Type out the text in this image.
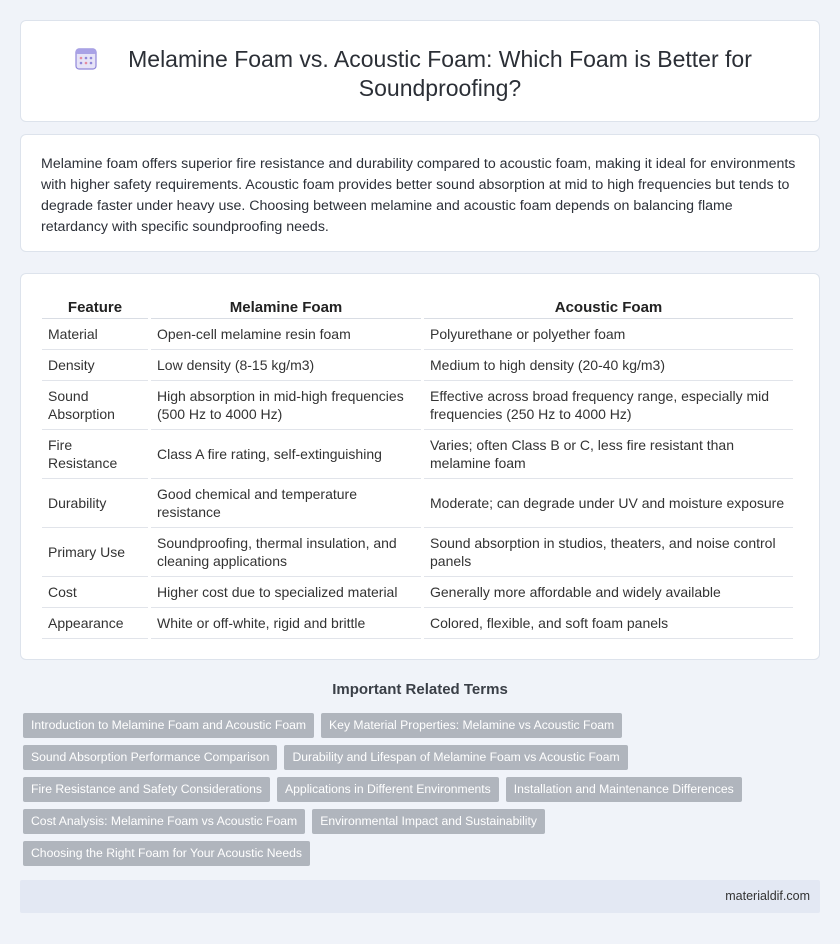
Melamine Foam vs. Acoustic Foam: Which Foam is Better for Soundproofing?

Melamine foam offers superior fire resistance and durability compared to acoustic foam, making it ideal for environments with higher safety requirements. Acoustic foam provides better sound absorption at mid to high frequencies but tends to degrade faster under heavy use. Choosing between melamine and acoustic foam depends on balancing flame retardancy with specific soundproofing needs.

Feature	Melamine Foam	Acoustic Foam
Material	Open-cell melamine resin foam	Polyurethane or polyether foam
Density	Low density (8-15 kg/m3)	Medium to high density (20-40 kg/m3)
Sound Absorption	High absorption in mid-high frequencies (500 Hz to 4000 Hz)	Effective across broad frequency range, especially mid frequencies (250 Hz to 4000 Hz)
Fire Resistance	Class A fire rating, self-extinguishing	Varies; often Class B or C, less fire resistant than melamine foam
Durability	Good chemical and temperature resistance	Moderate; can degrade under UV and moisture exposure
Primary Use	Soundproofing, thermal insulation, and cleaning applications	Sound absorption in studios, theaters, and noise control panels
Cost	Higher cost due to specialized material	Generally more affordable and widely available
Appearance	White or off-white, rigid and brittle	Colored, flexible, and soft foam panels
Important Related Terms
Introduction to Melamine Foam and Acoustic Foam	Key Material Properties: Melamine vs Acoustic Foam
Sound Absorption Performance Comparison	Durability and Lifespan of Melamine Foam vs Acoustic Foam
Fire Resistance and Safety Considerations	Applications in Different Environments	Installation and Maintenance Differences
Cost Analysis: Melamine Foam vs Acoustic Foam	Environmental Impact and Sustainability
Choosing the Right Foam for Your Acoustic Needs
materialdif.com
